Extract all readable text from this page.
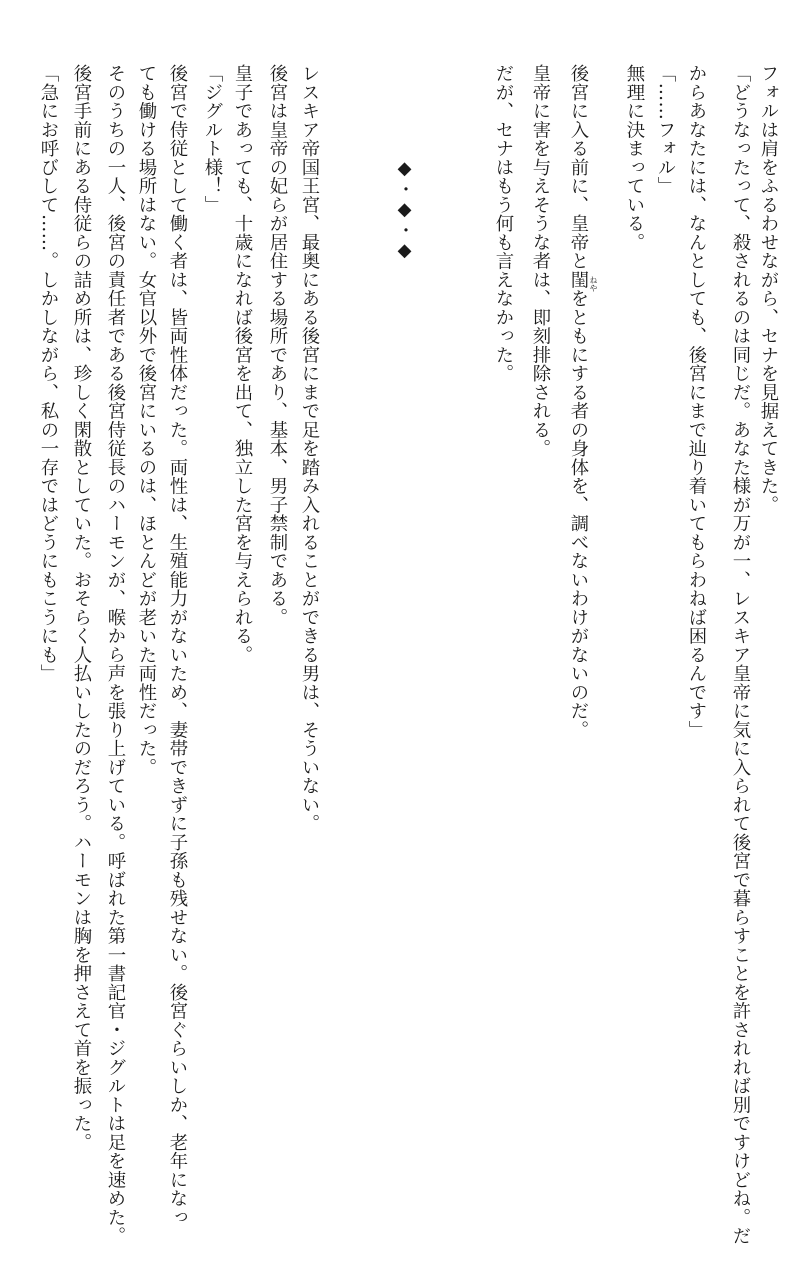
フォルは肩をふるわせながら、セナを見据えてきた。
「どうなったって、殺されるのは同じだ。あなた様が万が一、レスキア皇帝に気に入られて後宮で暮らすことを許されれば別ですけどね。だ
からあなたには、なんとしても、後宮にまで辿り着いてもらわねば困るんです」
「……フォル」
無理に決まっている。
後宮に入る前に、皇帝と閨をともにする者の身体を、調べないわけがないのだ。 ねや
皇帝に害を与えそうな者は、即刻排除される。
だが、セナはもう何も言えなかった。
◆・◆・◆
レスキア帝国王宮、最奥にある後宮にまで足を踏み入れることができる男は、そういない。
後宮は皇帝の妃らが居住する場所であり、基本、男子禁制である。
皇子であっても、十歳になれば後宮を出て、独立した宮を与えられる。
「ジグルト様！」
後宮で侍従として働く者は、皆両性体だった。両性は、生殖能力がないため、妻帯できずに子孫も残せない。後宮ぐらいしか、老年になっ
ても働ける場所はない。女官以外で後宮にいるのは、ほとんどが老いた両性だった。
そのうちの一人、後宮の責任者である後宮侍従長のハーモンが、喉から声を張り上げている。呼ばれた第一書記官・ジグルトは足を速めた。
後宮手前にある侍従らの詰め所は、珍しく閑散としていた。おそらく人払いしたのだろう。ハーモンは胸を押さえて首を振った。
「急にお呼びして……。しかしながら、私の一存ではどうにもこうにも」
